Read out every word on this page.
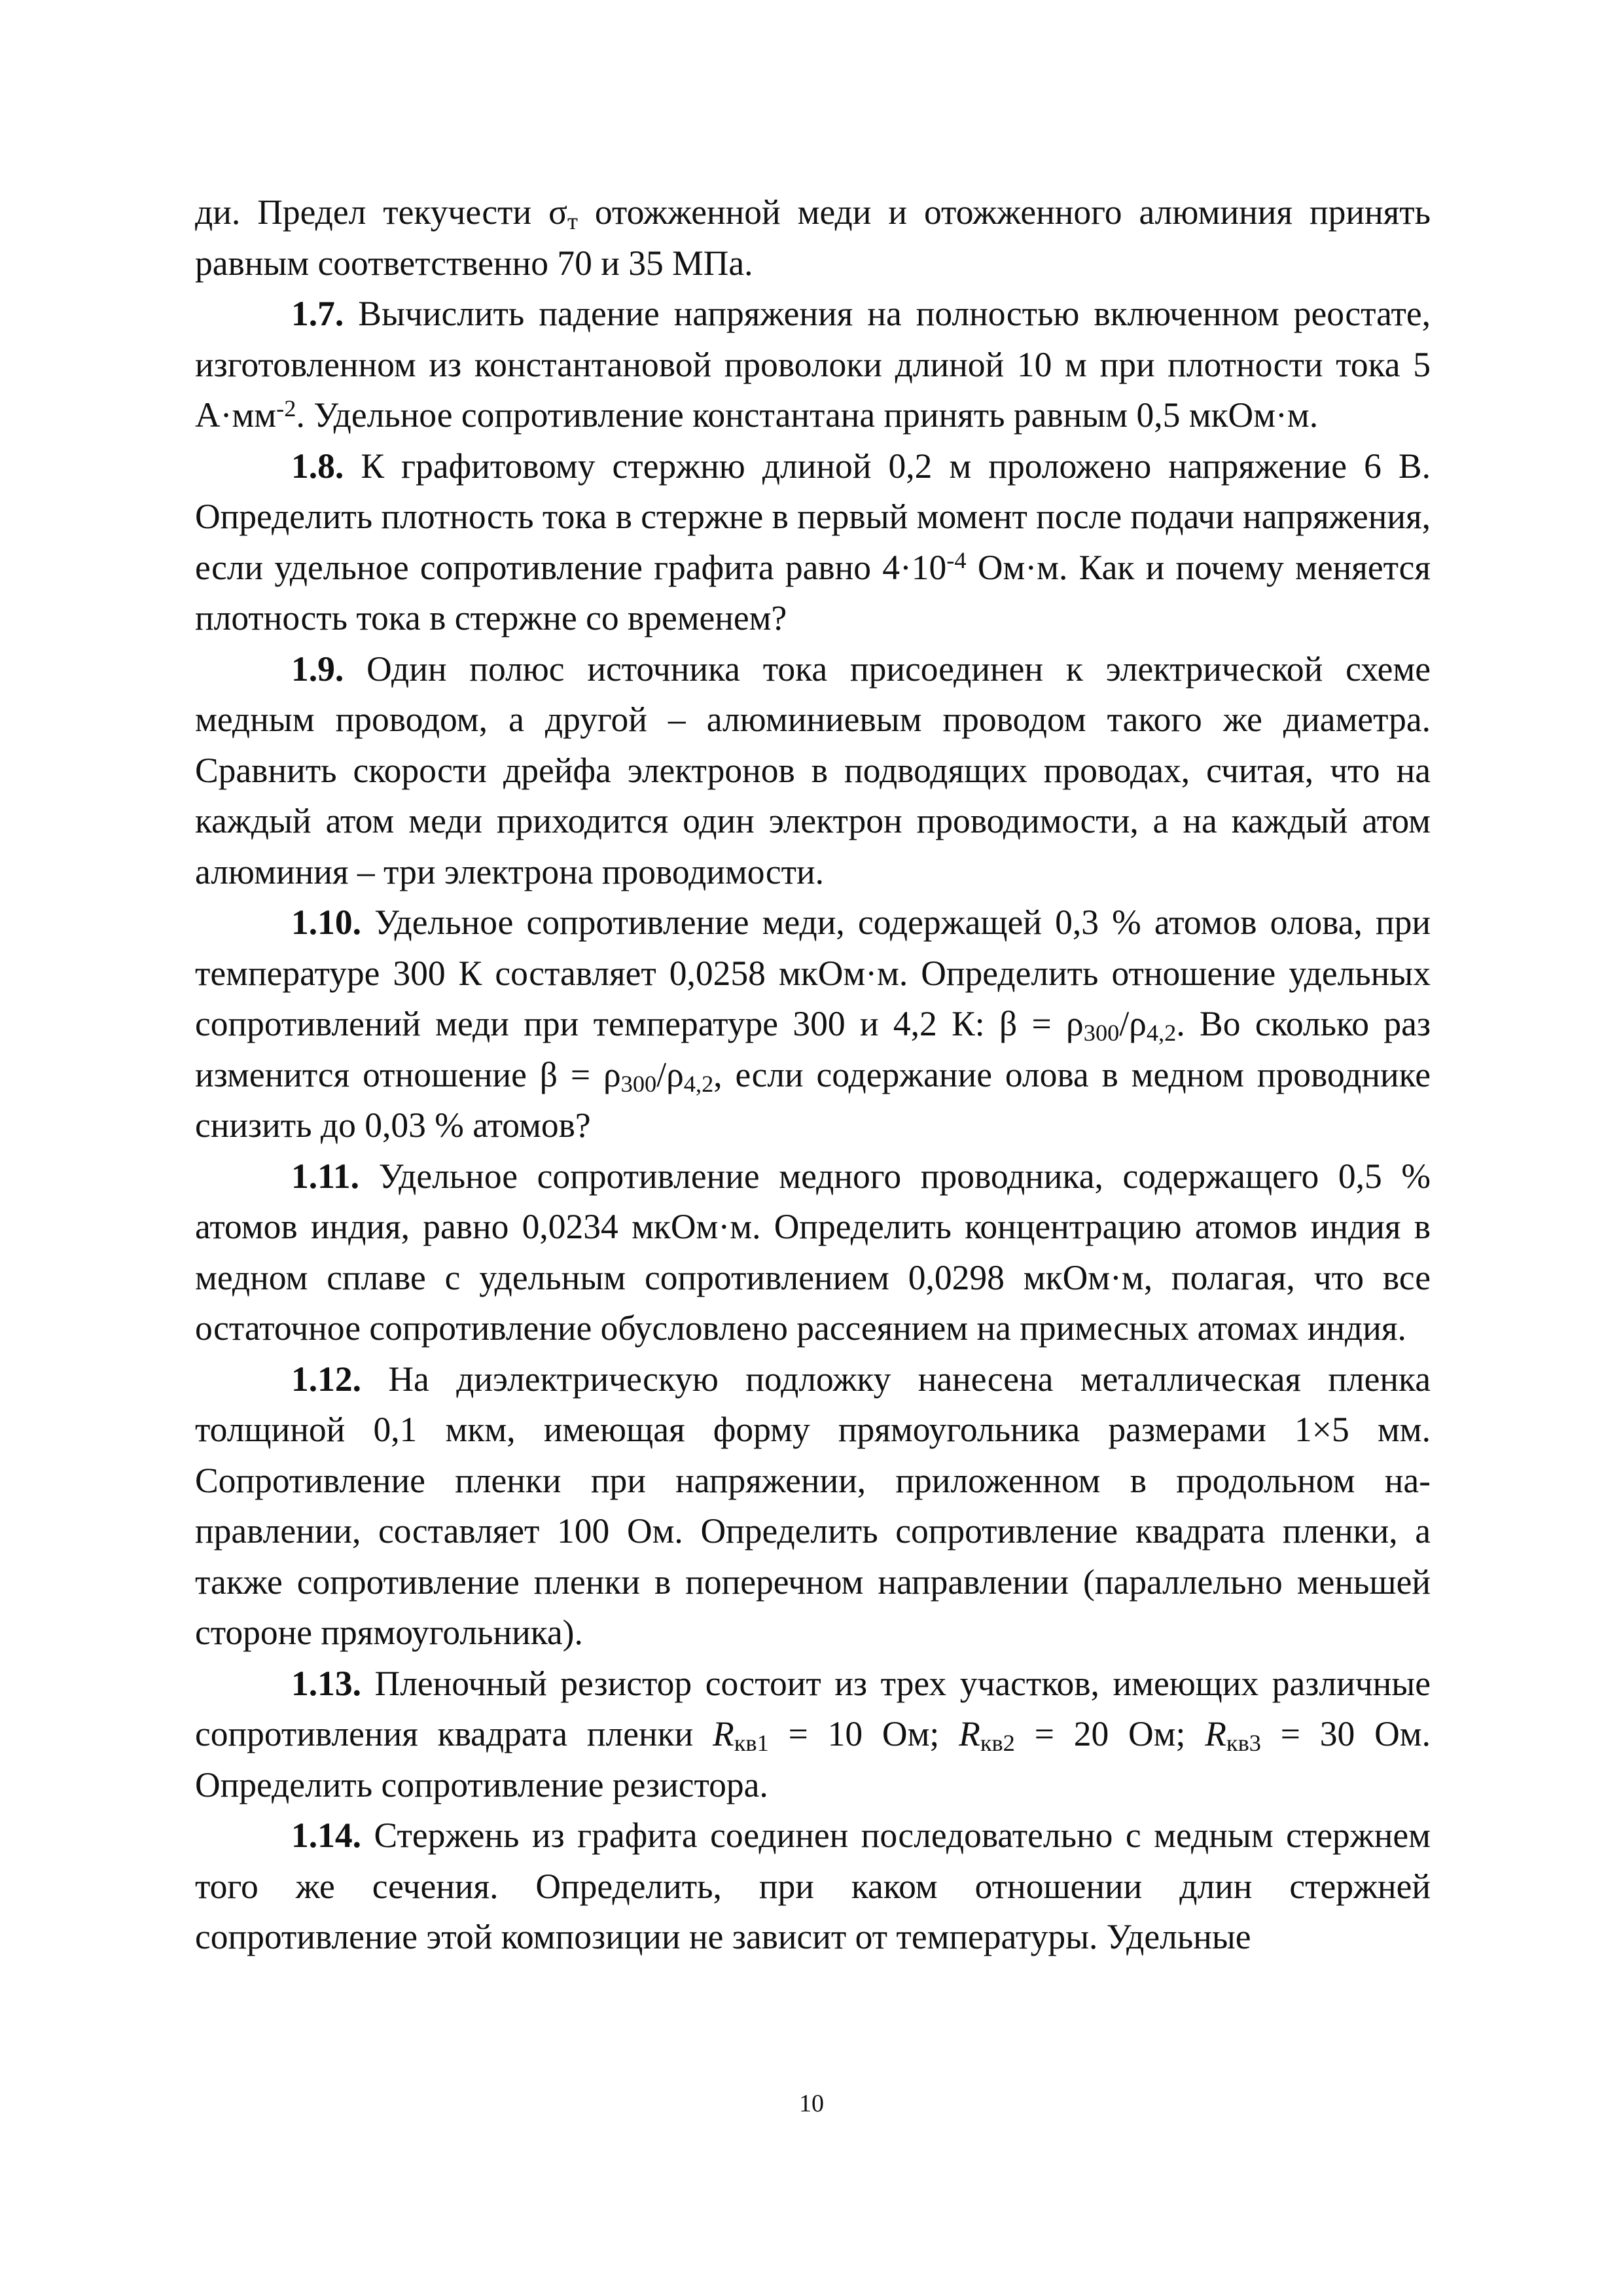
ди. Предел текучести $\sigma_т$ отожженной меди и отожженного алюминия принять равным соответственно 70 и 35 МПа.

1.7. Вычислить падение напряжения на полностью включенном реостате, изготовленном из константановой проволоки длиной 10 м при плотности тока 5 $А\cdot мм^{-2}$. Удельное сопротивление константана принять равным 0,5 мкОм·м.

1.8. К графитовому стержню длиной 0,2 м проложено напряжение 6 В. Определить плотность тока в стержне в первый момент после подачи напряжения, если удельное сопротивление графита равно $4\cdot 10^{-4}$ Ом·м. Как и почему меняется плотность тока в стержне со временем?

1.9. Один полюс источника тока присоединен к электрической схеме медным проводом, а другой – алюминиевым проводом такого же диаметра. Сравнить скорости дрейфа электронов в подводящих проводах, считая, что на каждый атом меди приходится один электрон проводимости, а на каждый атом алюминия – три электрона проводимости.

1.10. Удельное сопротивление меди, содержащей 0,3 % атомов олова, при температуре 300 К составляет 0,0258 мкОм·м. Определить отношение удельных сопротивлений меди при температуре 300 и 4,2 К: $\beta = \rho_{300}/\rho_{4,2}$. Во сколько раз изменится отношение $\beta = \rho_{300}/\rho_{4,2}$, если содержание олова в медном проводнике снизить до 0,03 % атомов?

1.11. Удельное сопротивление медного проводника, содержащего 0,5 % атомов индия, равно 0,0234 мкОм·м. Определить концентрацию атомов индия в медном сплаве с удельным сопротивлением 0,0298 мкОм·м, полагая, что все остаточное сопротивление обусловлено рассеянием на примесных атомах индия.

1.12. На диэлектрическую подложку нанесена металлическая пленка толщиной 0,1 мкм, имеющая форму прямоугольника размерами 1×5 мм. Сопротивление пленки при напряжении, приложенном в продольном направлении, составляет 100 Ом. Определить сопротивление квадрата пленки, а также сопротивление пленки в поперечном направлении (параллельно меньшей стороне прямоугольника).

1.13. Пленочный резистор состоит из трех участков, имеющих различные сопротивления квадрата пленки $R_{кв1} = 10$ Ом; $R_{кв2} = 20$ Ом; $R_{кв3} = 30$ Ом. Определить сопротивление резистора.

1.14. Стержень из графита соединен последовательно с медным стержнем того же сечения. Определить, при каком отношении длин стержней сопротивление этой композиции не зависит от температуры. Удельные

10
